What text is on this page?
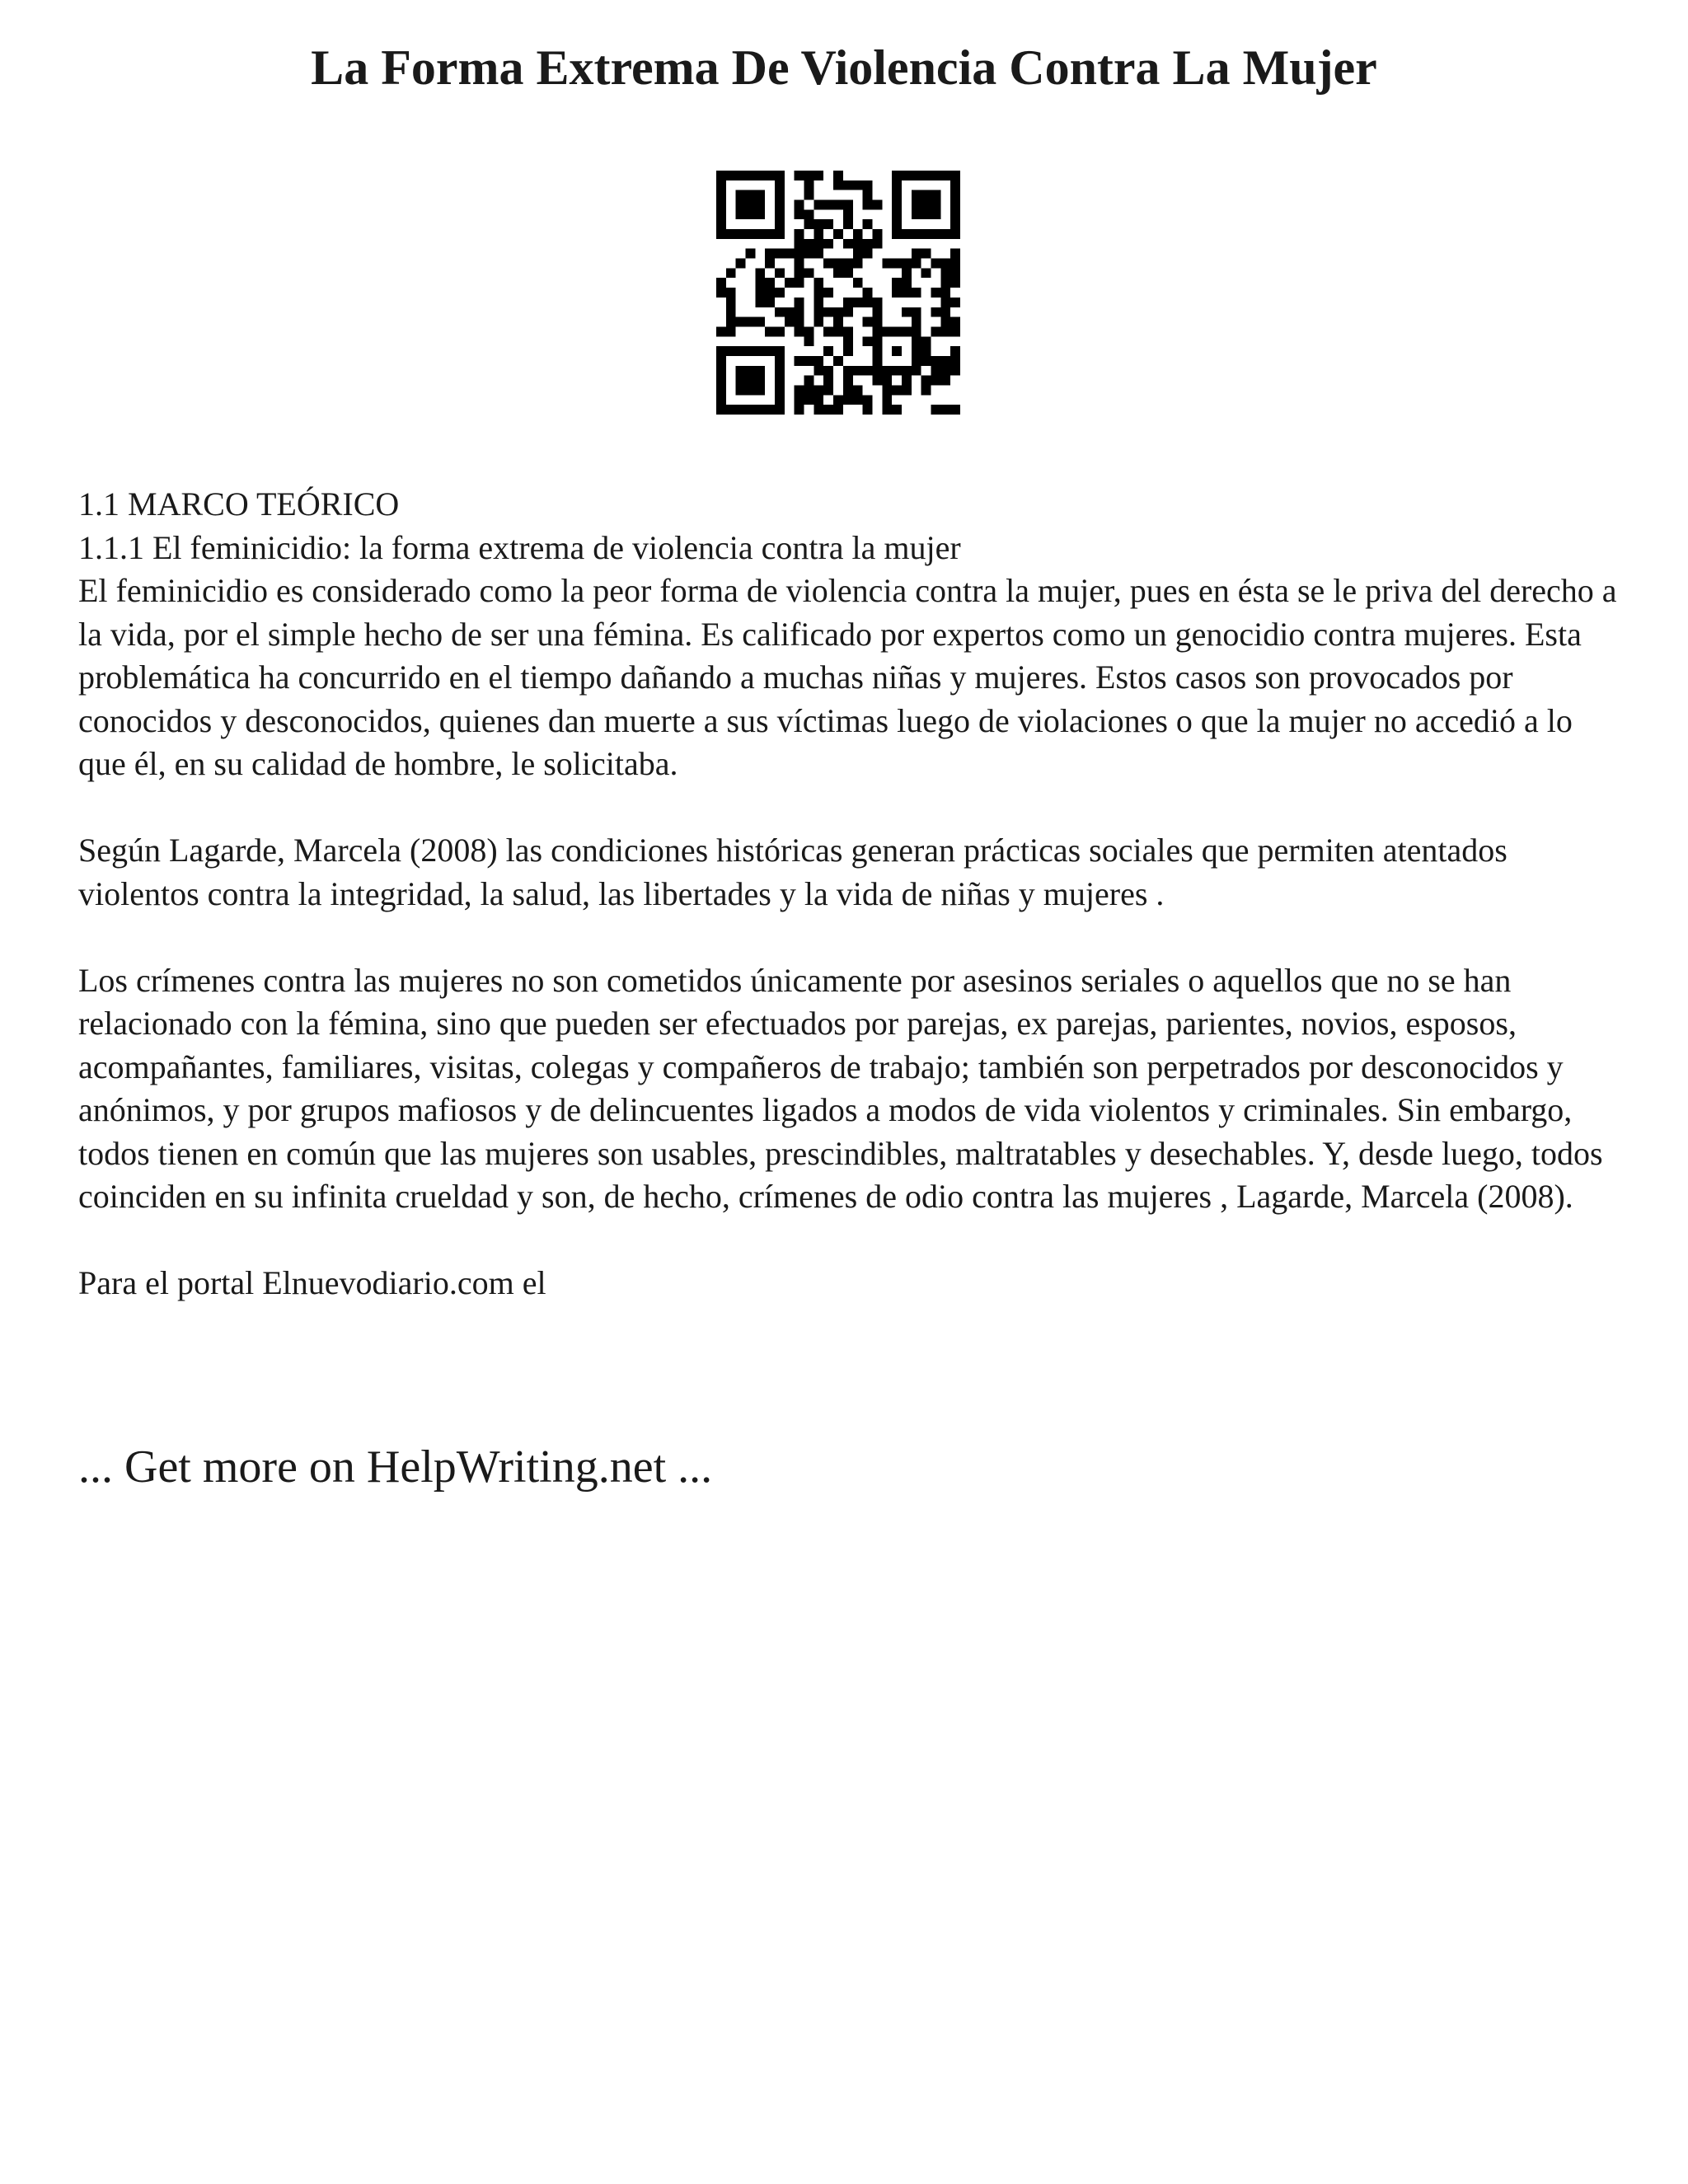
La Forma Extrema De Violencia Contra La Mujer

1.1 MARCO TEÓRICO

1.1.1 El feminicidio: la forma extrema de violencia contra la mujer

El feminicidio es considerado como la peor forma de violencia contra la mujer, pues en ésta se le priva del derecho a la vida, por el simple hecho de ser una fémina. Es calificado por expertos como un genocidio contra mujeres. Esta problemática ha concurrido en el tiempo dañando a muchas niñas y mujeres. Estos casos son provocados por conocidos y desconocidos, quienes dan muerte a sus víctimas luego de violaciones o que la mujer no accedió a lo que él, en su calidad de hombre, le solicitaba.

Según Lagarde, Marcela (2008) las condiciones históricas generan prácticas sociales que permiten atentados violentos contra la integridad, la salud, las libertades y la vida de niñas y mujeres .

Los crímenes contra las mujeres no son cometidos únicamente por asesinos seriales o aquellos que no se han relacionado con la fémina, sino que pueden ser efectuados por parejas, ex parejas, parientes, novios, esposos, acompañantes, familiares, visitas, colegas y compañeros de trabajo; también son perpetrados por desconocidos y anónimos, y por grupos mafiosos y de delincuentes ligados a modos de vida violentos y criminales. Sin embargo, todos tienen en común que las mujeres son usables, prescindibles, maltratables y desechables. Y, desde luego, todos coinciden en su infinita crueldad y son, de hecho, crímenes de odio contra las mujeres , Lagarde, Marcela (2008).

Para el portal Elnuevodiario.com el

... Get more on HelpWriting.net ...
